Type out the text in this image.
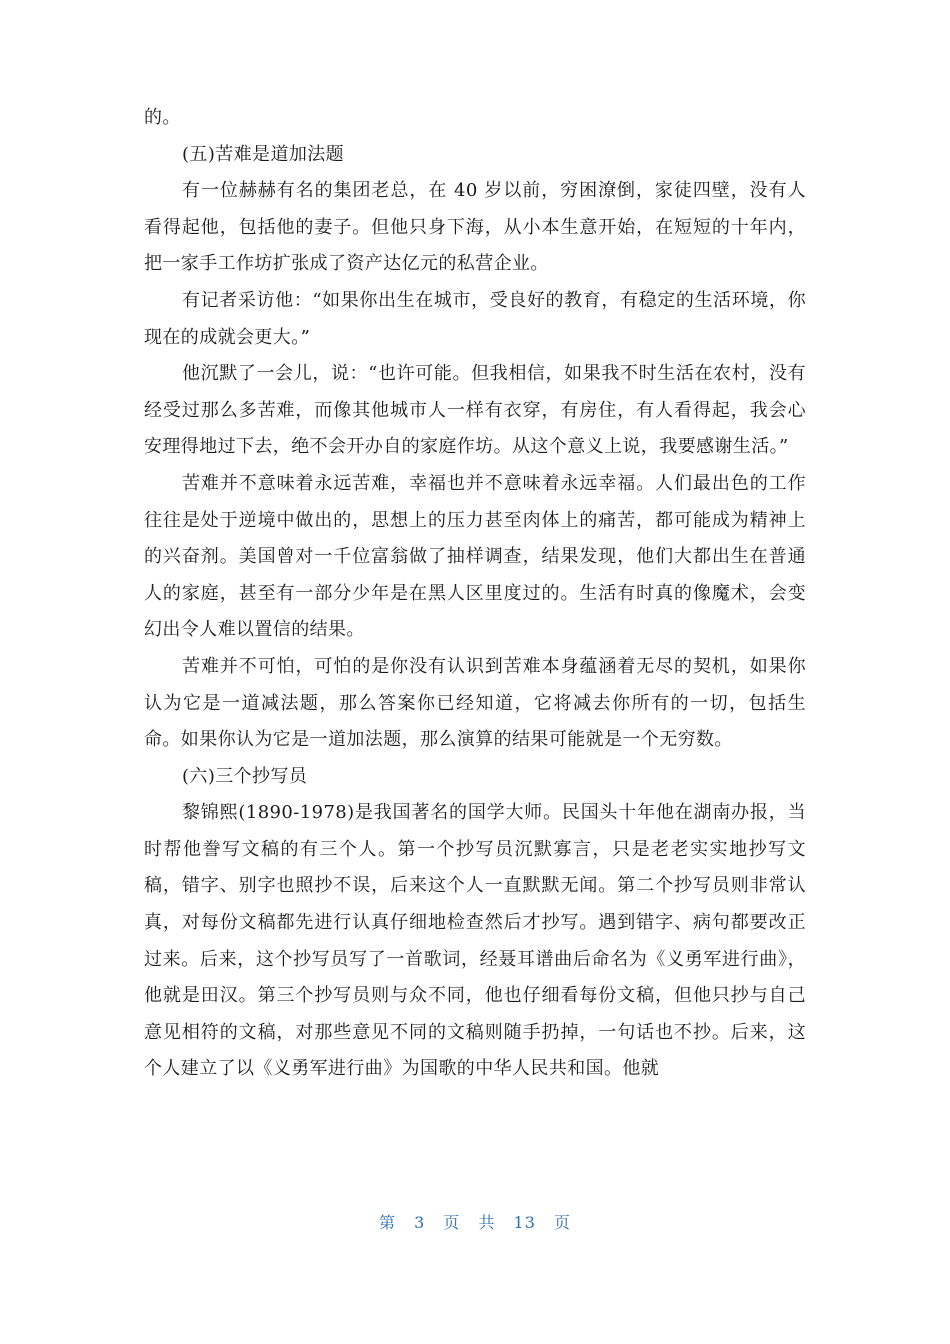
的。

(五)苦难是道加法题

有一位赫赫有名的集团老总，在 40 岁以前，穷困潦倒，家徒四壁，没有人看得起他，包括他的妻子。但他只身下海，从小本生意开始，在短短的十年内，把一家手工作坊扩张成了资产达亿元的私营企业。

有记者采访他：“如果你出生在城市，受良好的教育，有稳定的生活环境，你现在的成就会更大。”

他沉默了一会儿，说：“也许可能。但我相信，如果我不时生活在农村，没有经受过那么多苦难，而像其他城市人一样有衣穿，有房住，有人看得起，我会心安理得地过下去，绝不会开办自的家庭作坊。从这个意义上说，我要感谢生活。”

苦难并不意味着永远苦难，幸福也并不意味着永远幸福。人们最出色的工作往往是处于逆境中做出的，思想上的压力甚至肉体上的痛苦，都可能成为精神上的兴奋剂。美国曾对一千位富翁做了抽样调查，结果发现，他们大都出生在普通人的家庭，甚至有一部分少年是在黑人区里度过的。生活有时真的像魔术，会变幻出令人难以置信的结果。

苦难并不可怕，可怕的是你没有认识到苦难本身蕴涵着无尽的契机，如果你认为它是一道减法题，那么答案你已经知道，它将减去你所有的一切，包括生命。如果你认为它是一道加法题，那么演算的结果可能就是一个无穷数。

(六)三个抄写员

黎锦熙(1890-1978)是我国著名的国学大师。民国头十年他在湖南办报，当时帮他誊写文稿的有三个人。第一个抄写员沉默寡言，只是老老实实地抄写文稿，错字、别字也照抄不误，后来这个人一直默默无闻。第二个抄写员则非常认真，对每份文稿都先进行认真仔细地检查然后才抄写。遇到错字、病句都要改正过来。后来，这个抄写员写了一首歌词，经聂耳谱曲后命名为《义勇军进行曲》，他就是田汉。第三个抄写员则与众不同，他也仔细看每份文稿，但他只抄与自己意见相符的文稿，对那些意见不同的文稿则随手扔掉，一句话也不抄。后来，这个人建立了以《义勇军进行曲》为国歌的中华人民共和国。他就

第 3 页 共 13 页
